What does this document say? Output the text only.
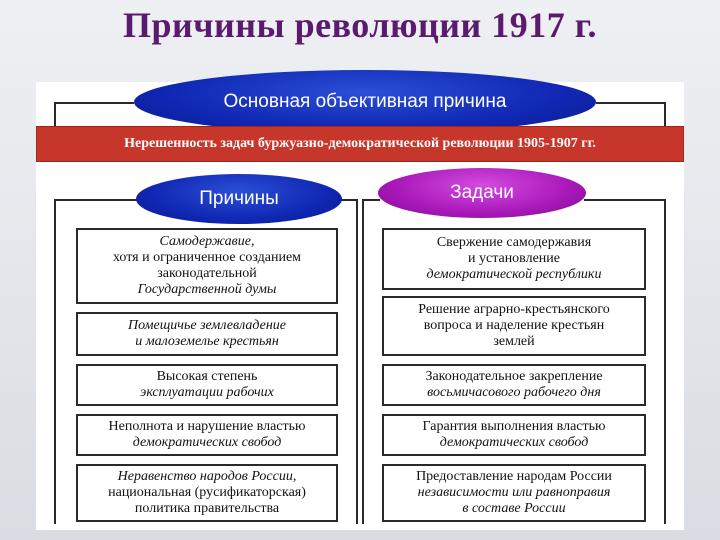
Причины революции 1917 г.
Основная объективная причина
Нерешенность задач буржуазно-демократической революции 1905-1907 гг.
Причины	Задачи
Самодержавие,
хотя и ограниченное созданием
законодательной
Государственной думы
Помещичье землевладение
и малоземелье крестьян
Высокая степень
эксплуатации рабочих
Неполнота и нарушение властью
демократических свобод
Неравенство народов России,
национальная (русификаторская)
политика правительства
Свержение самодержавия
и установление
демократической республики
Решение аграрно-крестьянского
вопроса и наделение крестьян
землей
Законодательное закрепление
восьмичасового рабочего дня
Гарантия выполнения властью
демократических свобод
Предоставление народам России
независимости или равноправия
в составе России
